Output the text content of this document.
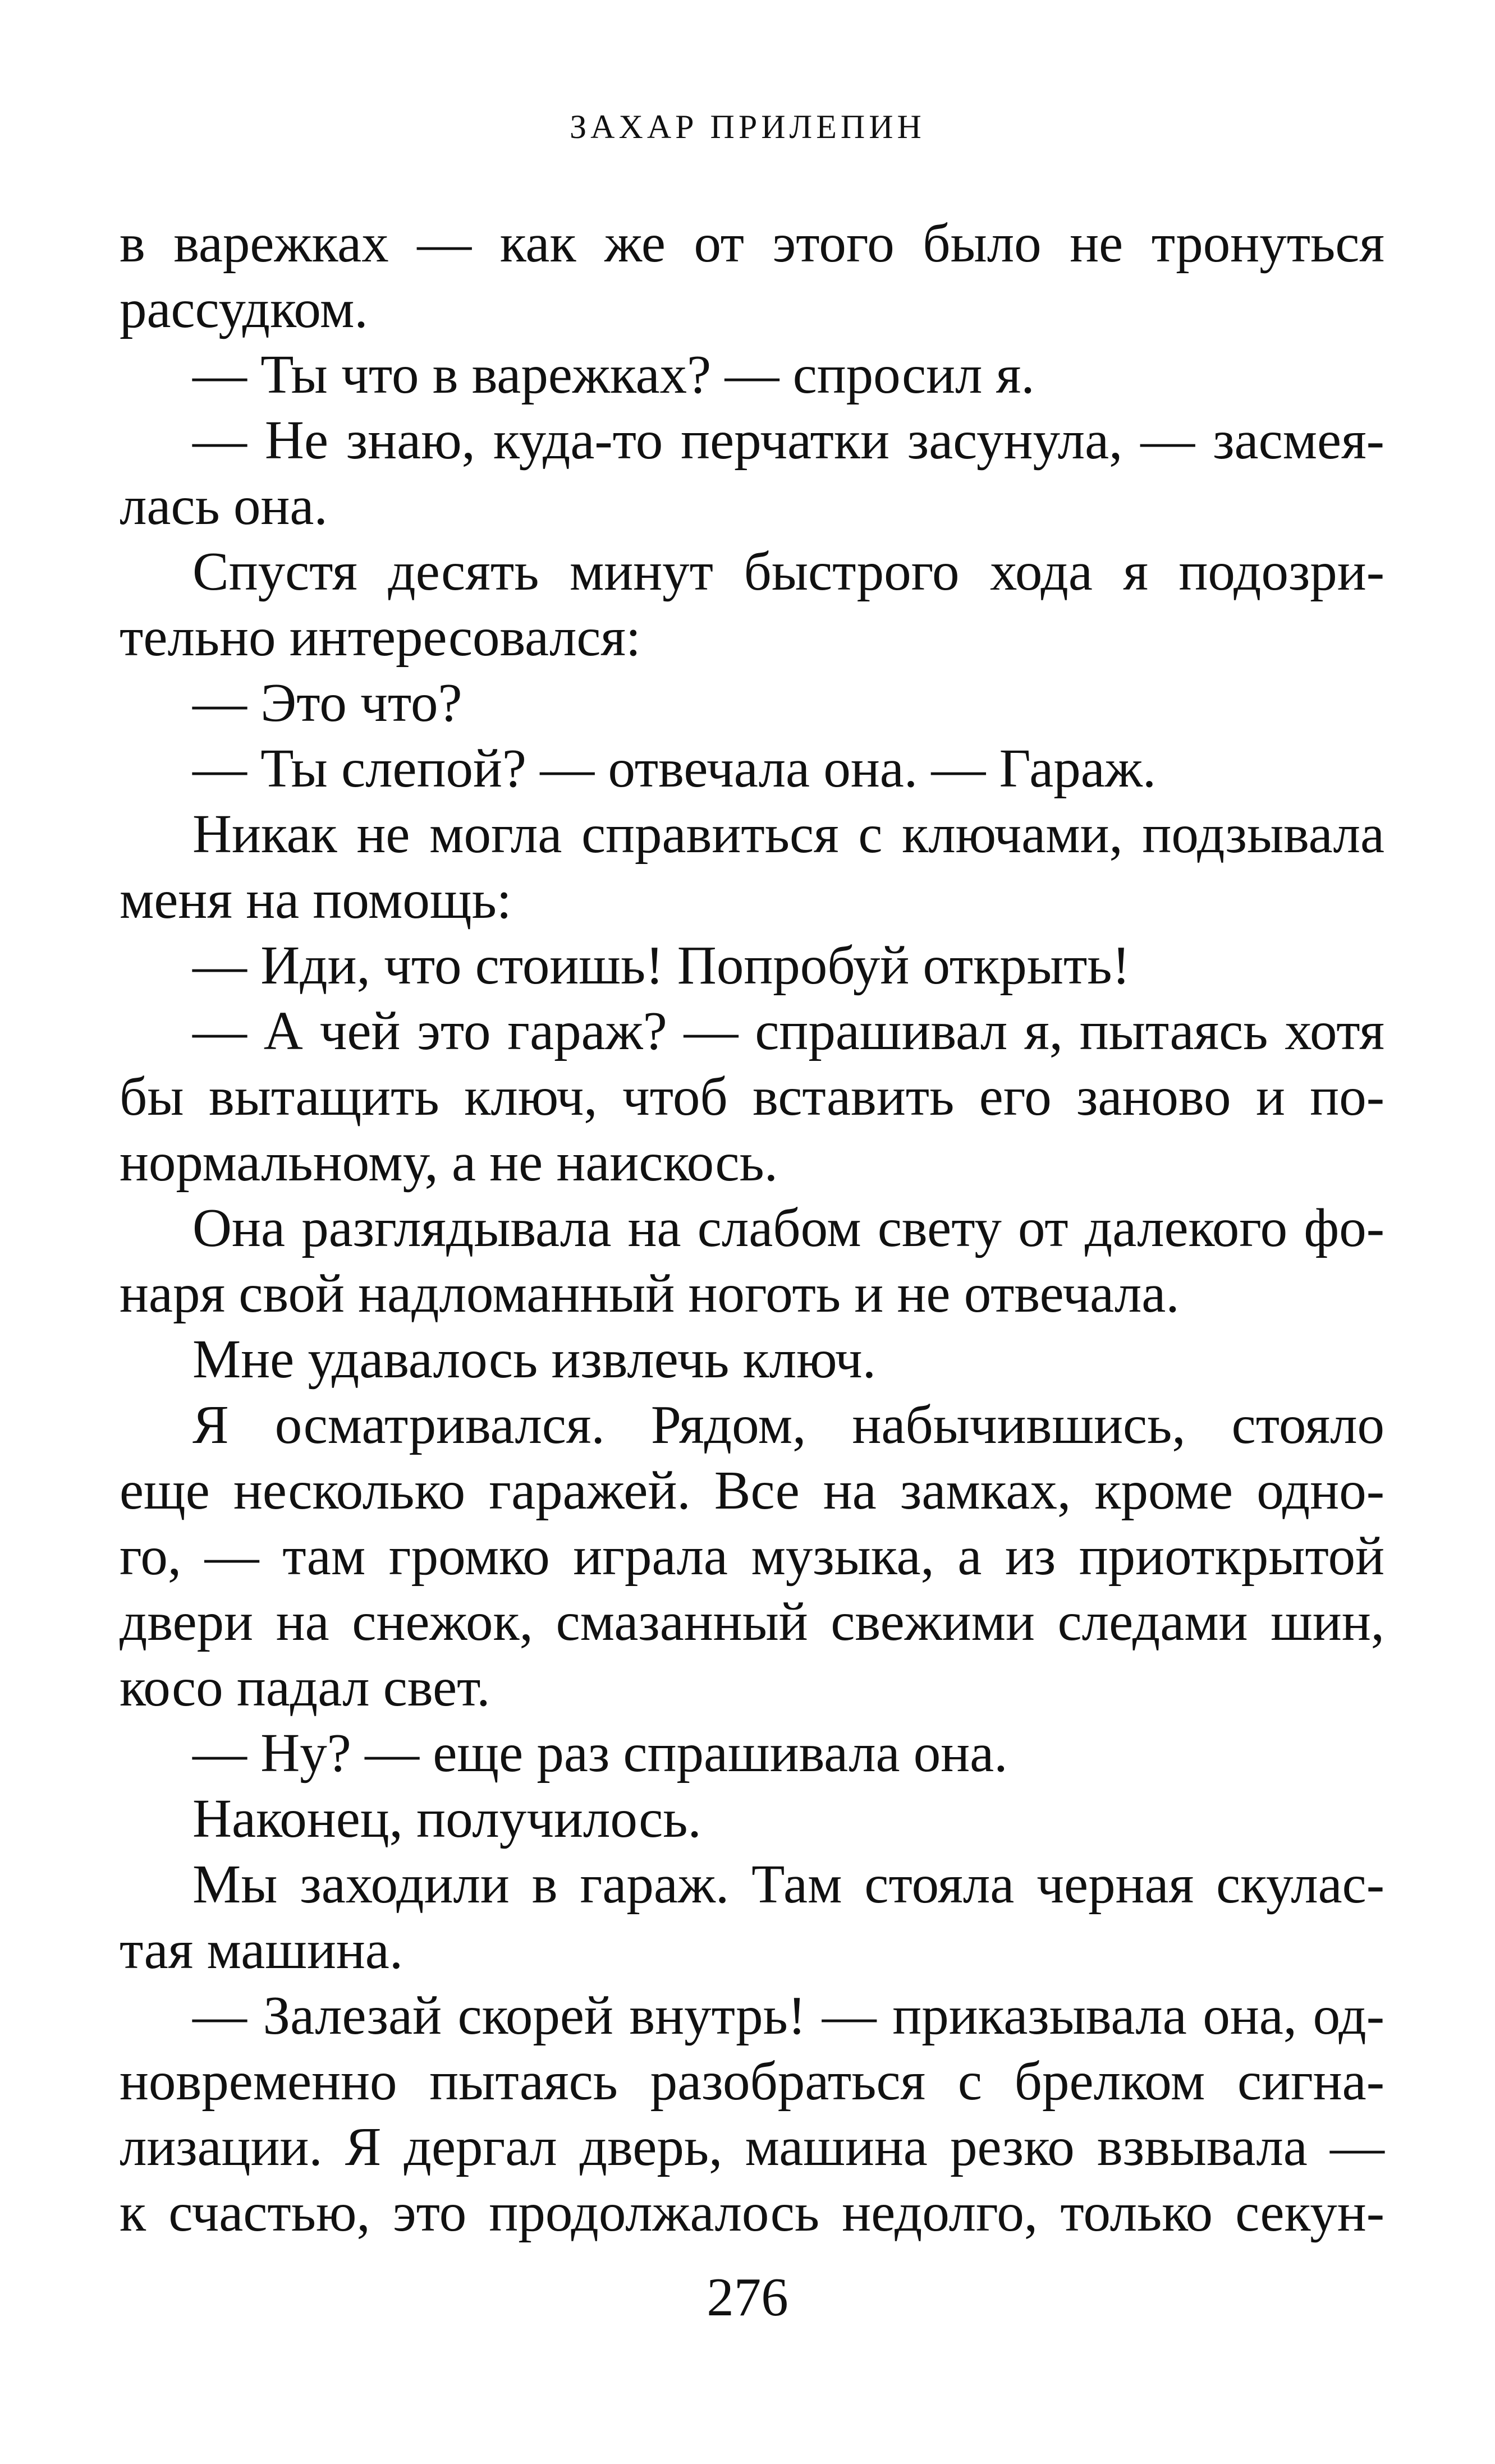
ЗАХАР ПРИЛЕПИН
в варежках — как же от этого было не тронуться
рассудком.
— Ты что в варежках? — спросил я.
— Не знаю, куда-то перчатки засунула, — засмея-
лась она.
Спустя десять минут быстрого хода я подозри-
тельно интересовался:
— Это что?
— Ты слепой? — отвечала она. — Гараж.
Никак не могла справиться с ключами, подзывала
меня на помощь:
— Иди, что стоишь! Попробуй открыть!
— А чей это гараж? — спрашивал я, пытаясь хотя
бы вытащить ключ, чтоб вставить его заново и по-
нормальному, а не наискось.
Она разглядывала на слабом свету от далекого фо-
наря свой надломанный ноготь и не отвечала.
Мне удавалось извлечь ключ.
Я осматривался. Рядом, набычившись, стояло
еще несколько гаражей. Все на замках, кроме одно-
го, — там громко играла музыка, а из приоткрытой
двери на снежок, смазанный свежими следами шин,
косо падал свет.
— Ну? — еще раз спрашивала она.
Наконец, получилось.
Мы заходили в гараж. Там стояла черная скулас-
тая машина.
— Залезай скорей внутрь! — приказывала она, од-
новременно пытаясь разобраться с брелком сигна-
лизации. Я дергал дверь, машина резко взвывала —
к счастью, это продолжалось недолго, только секун-
276
